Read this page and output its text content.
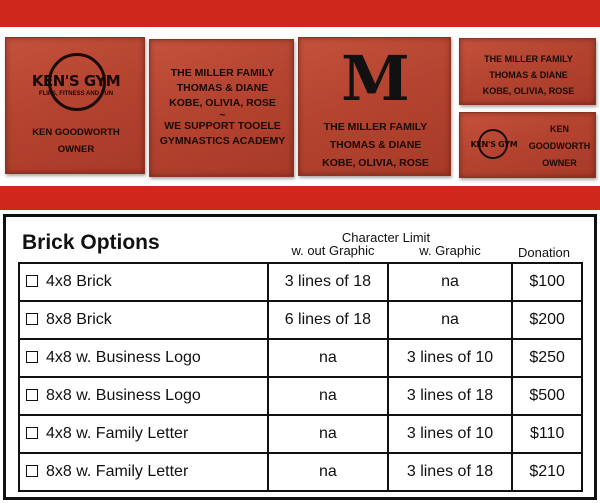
KEN'S GYM
FLIPS, FITNESS AND FUN
KEN GOODWORTH
OWNER
THE MILLER FAMILY
THOMAS & DIANE
KOBE, OLIVIA, ROSE
~
WE SUPPORT TOOELE
GYMNASTICS ACADEMY
M
THE MILLER FAMILY
THOMAS & DIANE
KOBE, OLIVIA, ROSE
THE MILLER FAMILY
THOMAS & DIANE
KOBE, OLIVIA, ROSE
KEN'S GYM
KEN
GOODWORTH
OWNER
Brick Options	Character Limit
w. out Graphic	w. Graphic	Donation
4x8 Brick	3 lines of 18	na	$100
8x8 Brick	6 lines of 18	na	$200
4x8 w. Business Logo	na	3 lines of 10	$250
8x8 w. Business Logo	na	3 lines of 18	$500
4x8 w. Family Letter	na	3 lines of 10	$110
8x8 w. Family Letter	na	3 lines of 18	$210
